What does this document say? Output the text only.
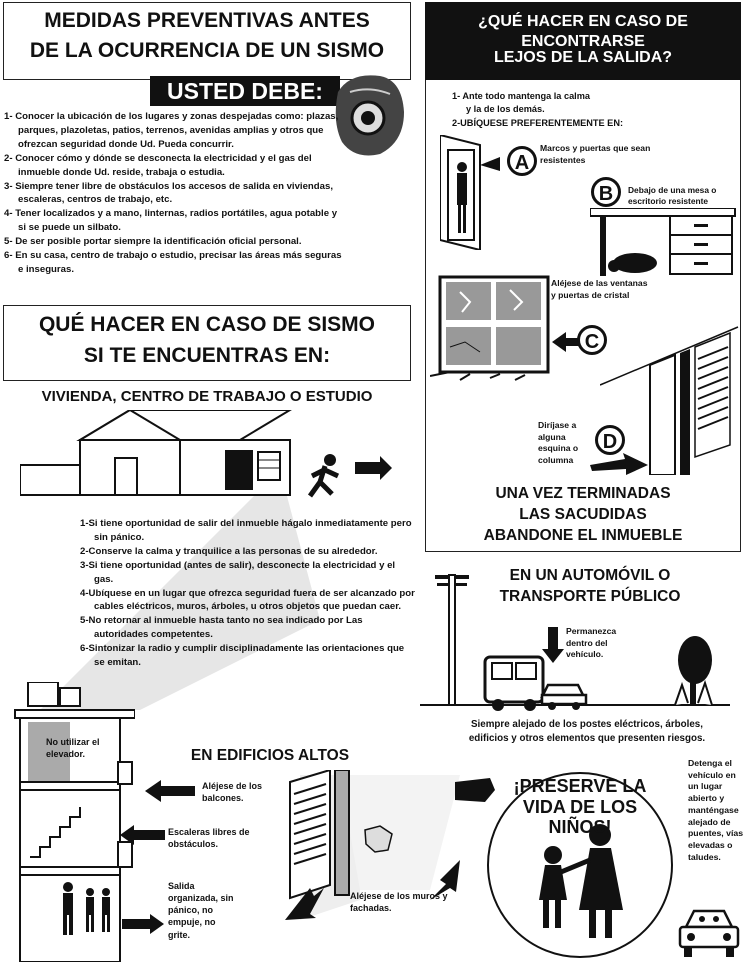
MEDIDAS PREVENTIVAS ANTES
DE LA OCURRENCIA DE UN SISMO
USTED DEBE:
1- Conocer la ubicación de los lugares y zonas despejadas como: plazas, parques, plazoletas, patios, terrenos, avenidas amplias y otros que ofrezcan seguridad donde Ud. Pueda concurrir.
2- Conocer cómo y dónde se desconecta la electricidad y el gas del inmueble donde Ud. reside, trabaja o estudia.
3- Siempre tener libre de obstáculos los accesos de salida en viviendas, escaleras, centros de trabajo, etc.
4- Tener localizados y a mano, linternas, radios portátiles, agua potable y si se puede un silbato.
5- De ser posible portar siempre la identificación oficial personal.
6- En su casa, centro de trabajo o estudio, precisar las áreas más seguras e inseguras.
QUÉ HACER EN CASO DE SISMO
SI TE ENCUENTRAS EN:
VIVIENDA, CENTRO DE TRABAJO O ESTUDIO
1-Si tiene oportunidad de salir del inmueble hágalo inmediatamente pero sin pánico.
2-Conserve la calma y tranquilice a las personas de su alrededor.
3-Si tiene oportunidad (antes de salir), desconecte la electricidad y el gas.
4-Ubíquese en un lugar que ofrezca seguridad fuera de ser alcanzado por cables eléctricos, muros, árboles, u otros objetos que puedan caer.
5-No retornar al inmueble hasta tanto no sea indicado por Las autoridades competentes.
6-Sintonizar la radio y cumplir disciplinadamente las orientaciones que se emitan.
¿QUÉ HACER EN CASO DE ENCONTRARSE
LEJOS DE LA SALIDA?
1- Ante todo mantenga la calma
y la de los demás.
2-UBÍQUESE PREFERENTEMENTE EN:
A
Marcos y puertas que sean resistentes
B	Debajo de una mesa o escritorio resistente
Aléjese de las ventanas y puertas de cristal
C
Diríjase a alguna esquina o columna
D
UNA VEZ TERMINADAS
LAS SACUDIDAS
ABANDONE EL INMUEBLE
EN UN AUTOMÓVIL O
TRANSPORTE PÚBLICO
Permanezca dentro del vehículo.
Siempre alejado de los postes eléctricos, árboles,
edificios y otros elementos que presenten riesgos.
No utilizar el elevador.	EN EDIFICIOS ALTOS
Aléjese de los balcones.
Escaleras libres de obstáculos.
Salida organizada, sin pánico, no empuje, no grite.
Aléjese de los muros y fachadas.
¡PRESERVE LA VIDA DE LOS NIÑOS!
Detenga el vehículo en un lugar abierto y manténgase alejado de puentes, vías elevadas o taludes.
